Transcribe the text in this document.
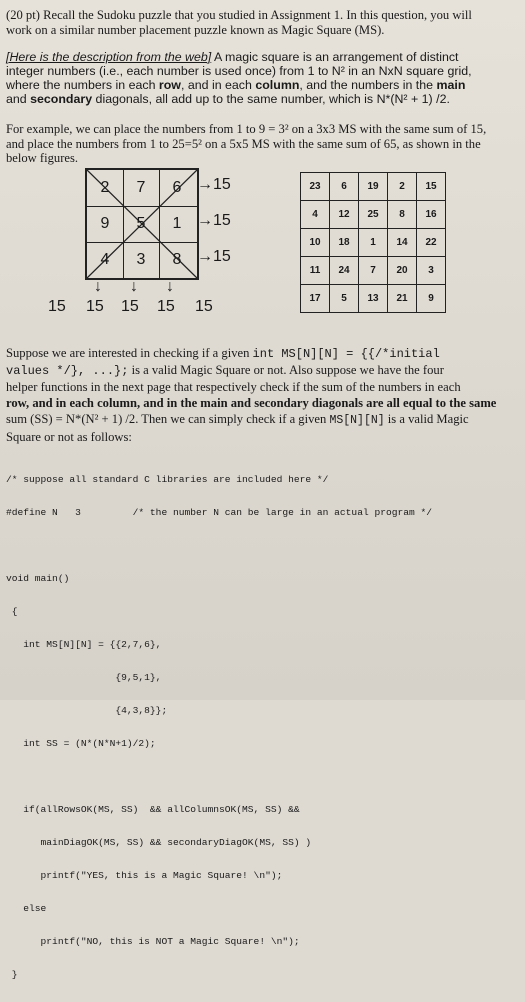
(20 pt) Recall the Sudoku puzzle that you studied in Assignment 1. In this question, you will
work on a similar number placement puzzle known as Magic Square (MS).
[Here is the description from the web] A magic square is an arrangement of distinct
integer numbers (i.e., each number is used once) from 1 to N² in an NxN square grid,
where the numbers in each row, and in each column, and the numbers in the main
and secondary diagonals, all add up to the same number, which is N*(N² + 1) /2.
For example, we can place the numbers from 1 to 9 = 3² on a 3x3 MS with the same sum of 15,
and place the numbers from 1 to 25=5² on a 5x5 MS with the same sum of 65, as shown in the
below figures.
2	7	6
9	5	1
4	3	8
→15
→15
→15
↓ ↓ ↓
15 15 15 15 15
23	6	19	2	15
4	12	25	8	16
10	18	1	14	22
11	24	7	20	3
17	5	13	21	9
Suppose we are interested in checking if a given int MS[N][N] = {{/*initial
values */}, ...}; is a valid Magic Square or not. Also suppose we have the four
helper functions in the next page that respectively check if the sum of the numbers in each
row, and in each column, and in the main and secondary diagonals are all equal to the same
sum (SS) = N*(N² + 1) /2. Then we can simply check if a given MS[N][N] is a valid Magic
Square or not as follows:

/* suppose all standard C libraries are included here */

#define N   3         /* the number N can be large in an actual program */

void main()

{

int MS[N][N] = {{2,7,6},

{9,5,1},

{4,3,8}};

int SS = (N*(N*N+1)/2);

if(allRowsOK(MS, SS)  && allColumnsOK(MS, SS) &&

mainDiagOK(MS, SS) && secondaryDiagOK(MS, SS) )

printf("YES, this is a Magic Square! \n");

else

printf("NO, this is NOT a Magic Square! \n");

}
